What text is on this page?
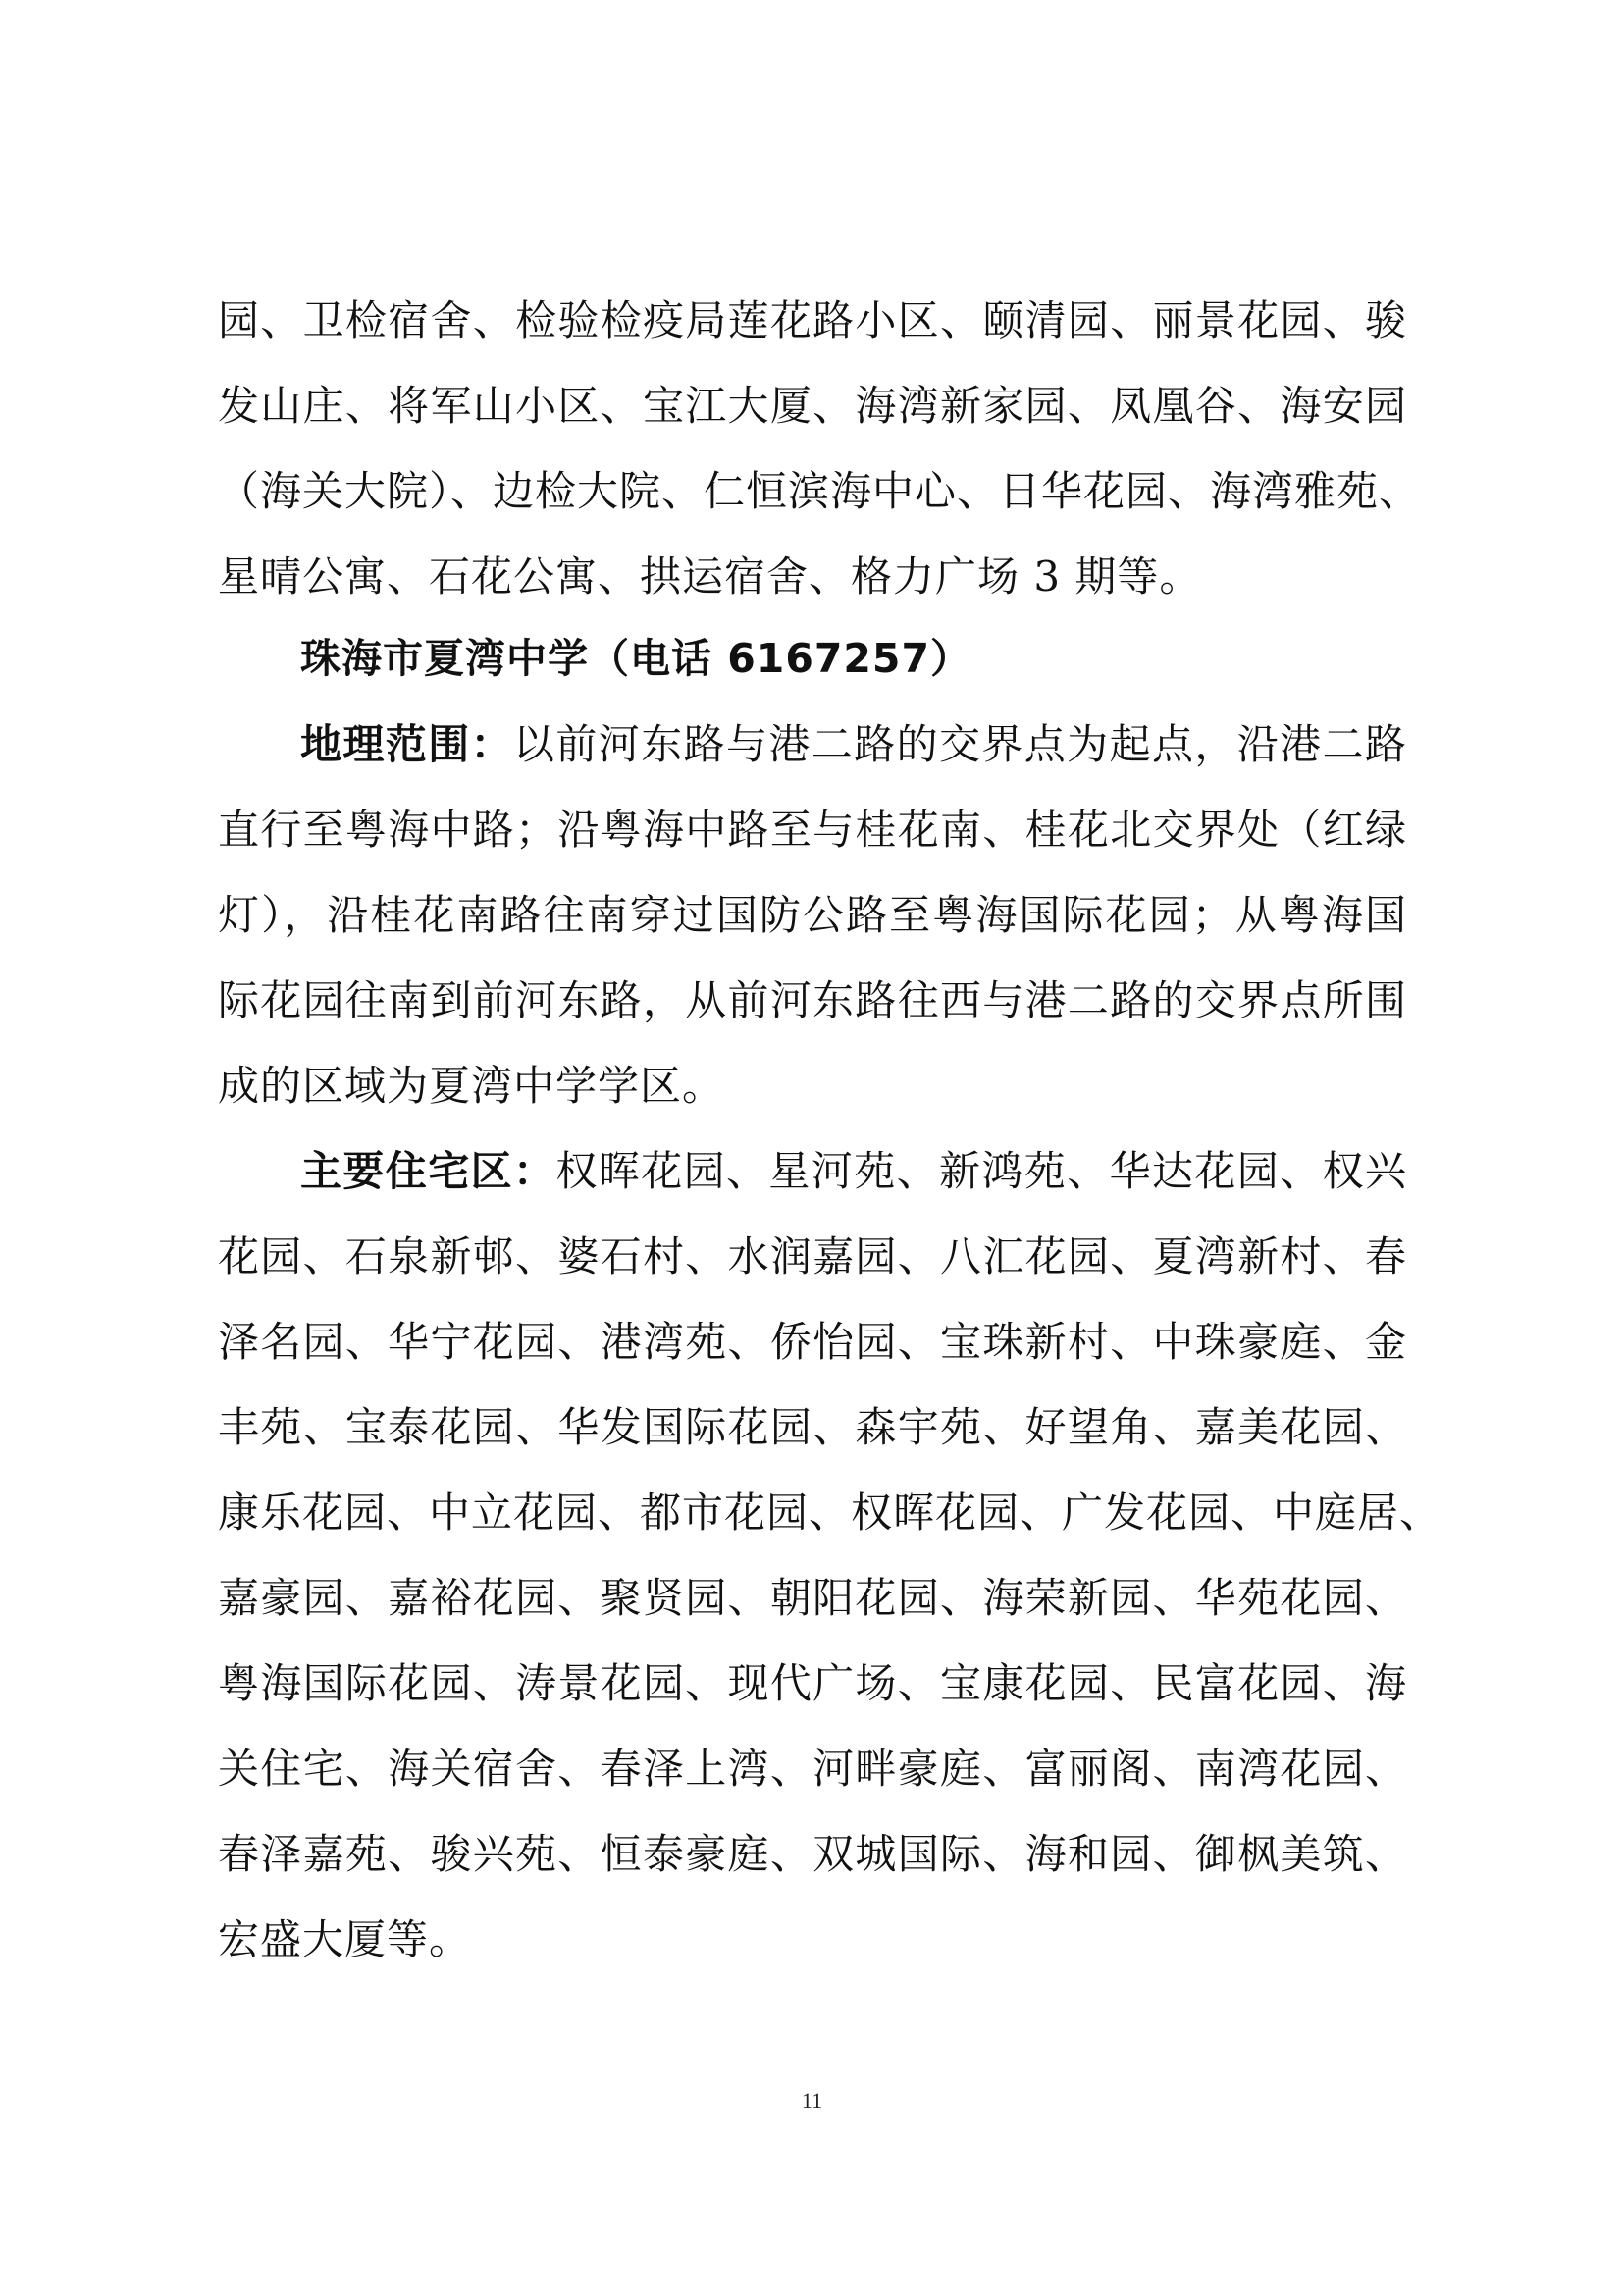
园、卫检宿舍、检验检疫局莲花路小区、颐清园、丽景花园、骏
发山庄、将军山小区、宝江大厦、海湾新家园、凤凰谷、海安园
（海关大院）、边检大院、仁恒滨海中心、日华花园、海湾雅苑、
星晴公寓、石花公寓、拱运宿舍、格力广场 3 期等。
珠海市夏湾中学（电话 6167257）
地理范围：以前河东路与港二路的交界点为起点，沿港二路
直行至粤海中路；沿粤海中路至与桂花南、桂花北交界处（红绿
灯），沿桂花南路往南穿过国防公路至粤海国际花园；从粤海国
际花园往南到前河东路，从前河东路往西与港二路的交界点所围
成的区域为夏湾中学学区。
主要住宅区：权晖花园、星河苑、新鸿苑、华达花园、权兴
花园、石泉新邨、婆石村、水润嘉园、八汇花园、夏湾新村、春
泽名园、华宁花园、港湾苑、侨怡园、宝珠新村、中珠豪庭、金
丰苑、宝泰花园、华发国际花园、森宇苑、好望角、嘉美花园、
康乐花园、中立花园、都市花园、权晖花园、广发花园、中庭居、
嘉豪园、嘉裕花园、聚贤园、朝阳花园、海荣新园、华苑花园、
粤海国际花园、涛景花园、现代广场、宝康花园、民富花园、海
关住宅、海关宿舍、春泽上湾、河畔豪庭、富丽阁、南湾花园、
春泽嘉苑、骏兴苑、恒泰豪庭、双城国际、海和园、御枫美筑、
宏盛大厦等。
11
